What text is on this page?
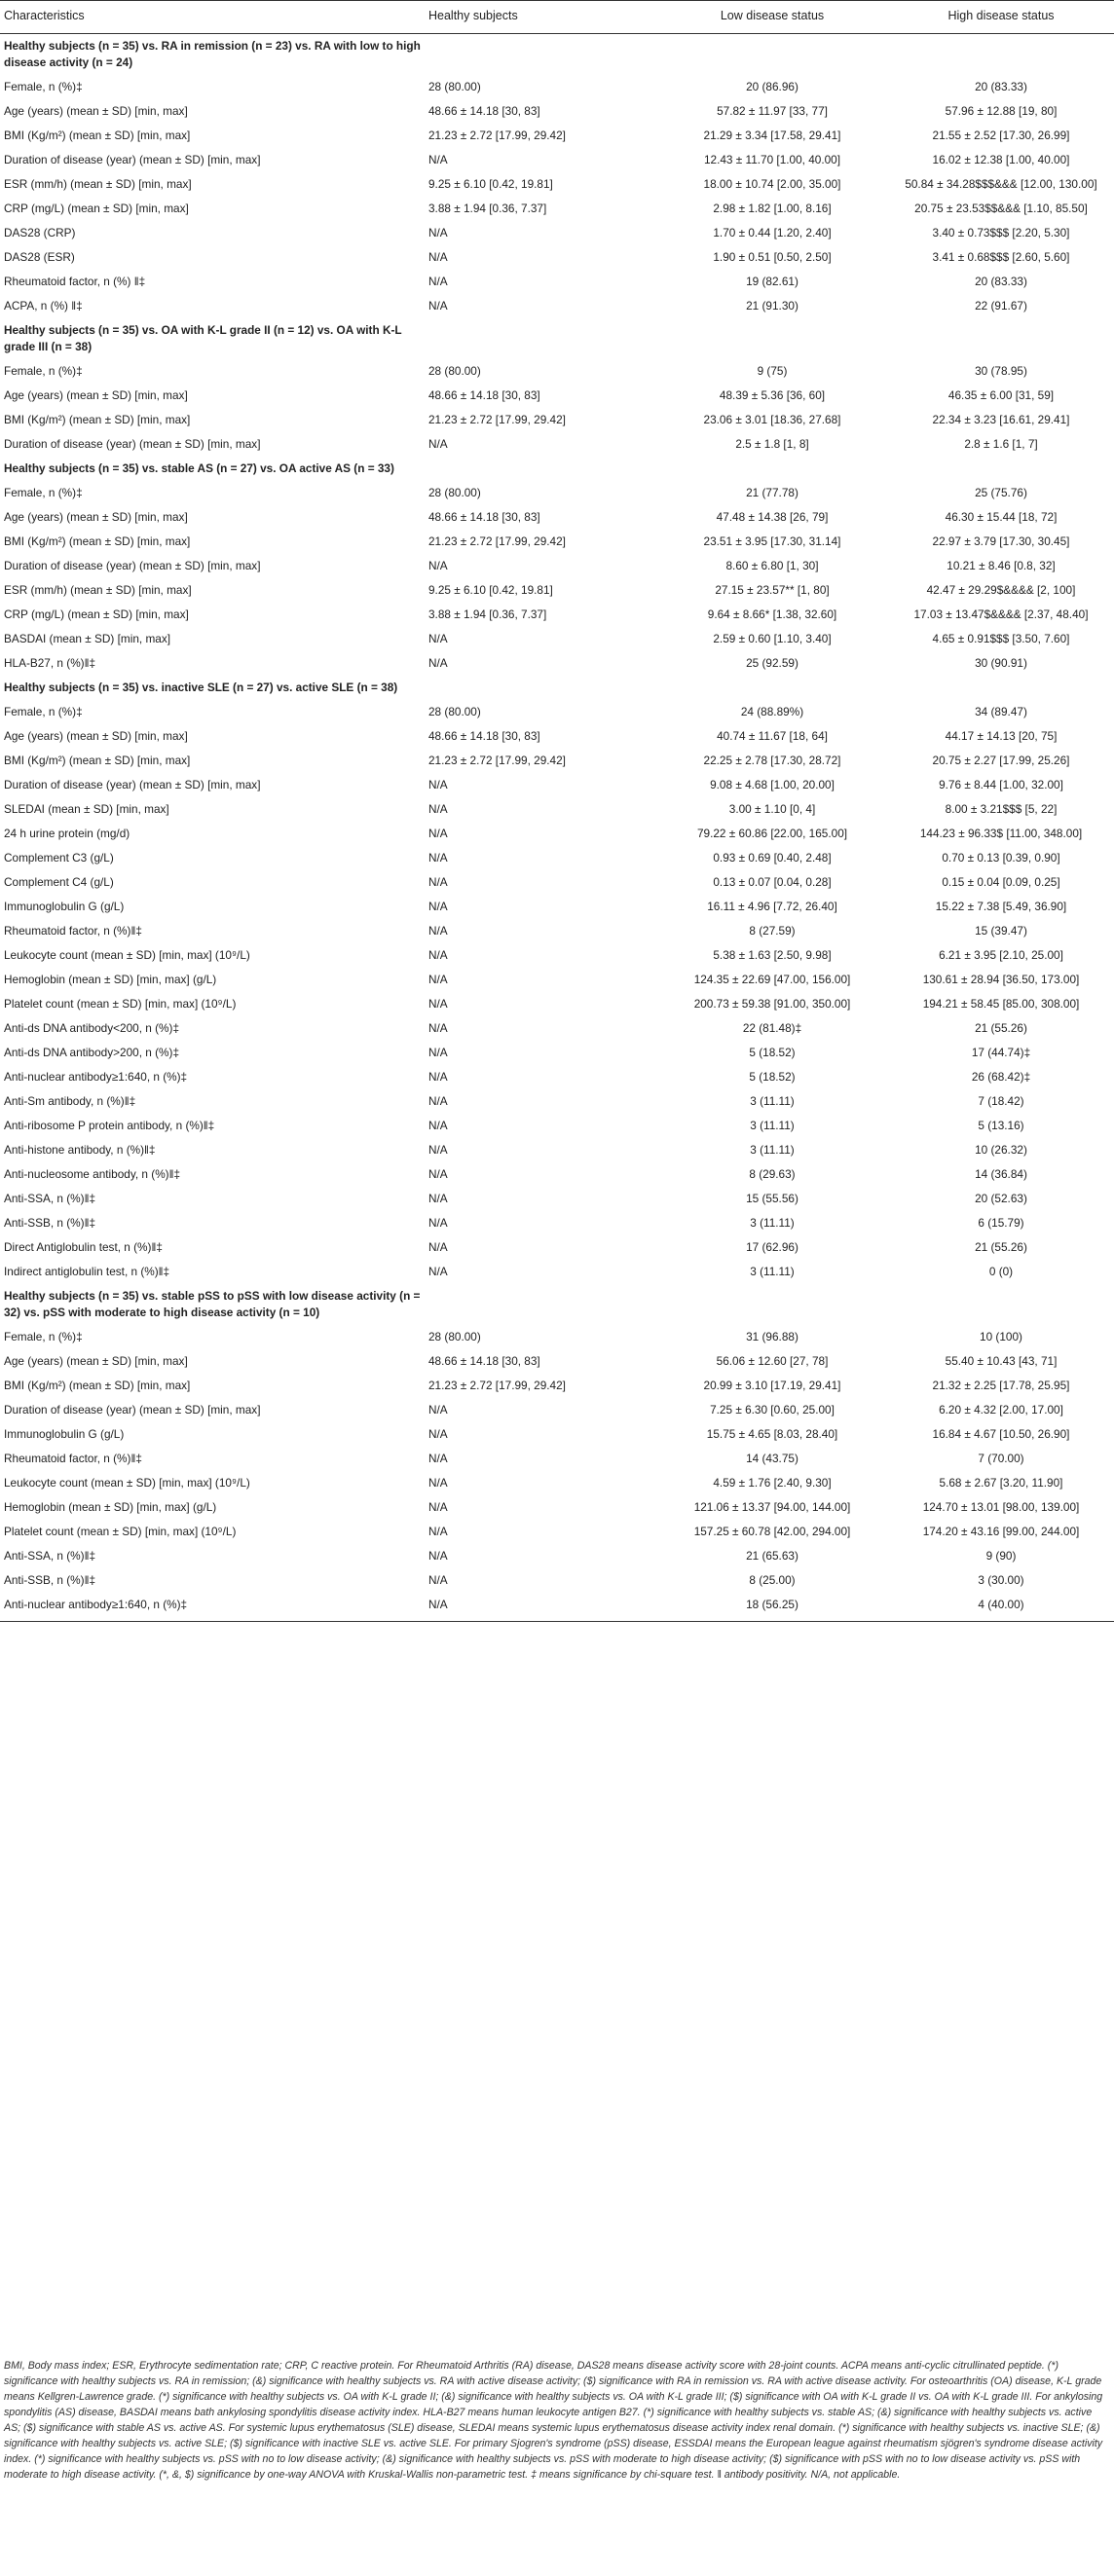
Characteristics	Healthy subjects	Low disease status	High disease status
Healthy subjects (n = 35) vs. RA in remission (n = 23) vs. RA with low to high disease activity (n = 24)			
Female, n (%)‡	28 (80.00)	20 (86.96)	20 (83.33)
Age (years) (mean ± SD) [min, max]	48.66 ± 14.18 [30, 83]	57.82 ± 11.97 [33, 77]	57.96 ± 12.88 [19, 80]
BMI (Kg/m²) (mean ± SD) [min, max]	21.23 ± 2.72 [17.99, 29.42]	21.29 ± 3.34 [17.58, 29.41]	21.55 ± 2.52 [17.30, 26.99]
Duration of disease (year) (mean ± SD) [min, max]	N/A	12.43 ± 11.70 [1.00, 40.00]	16.02 ± 12.38 [1.00, 40.00]
ESR (mm/h) (mean ± SD) [min, max]	9.25 ± 6.10 [0.42, 19.81]	18.00 ± 10.74 [2.00, 35.00]	50.84 ± 34.28$$$&&& [12.00, 130.00]
CRP (mg/L) (mean ± SD) [min, max]	3.88 ± 1.94 [0.36, 7.37]	2.98 ± 1.82 [1.00, 8.16]	20.75 ± 23.53$$&&& [1.10, 85.50]
DAS28 (CRP)	N/A	1.70 ± 0.44 [1.20, 2.40]	3.40 ± 0.73$$$ [2.20, 5.30]
DAS28 (ESR)	N/A	1.90 ± 0.51 [0.50, 2.50]	3.41 ± 0.68$$$ [2.60, 5.60]
Rheumatoid factor, n (%) ǁ‡	N/A	19 (82.61)	20 (83.33)
ACPA, n (%) ǁ‡	N/A	21 (91.30)	22 (91.67)
Healthy subjects (n = 35) vs. OA with K-L grade II (n = 12) vs. OA with K-L grade III (n = 38)			
Female, n (%)‡	28 (80.00)	9 (75)	30 (78.95)
Age (years) (mean ± SD) [min, max]	48.66 ± 14.18 [30, 83]	48.39 ± 5.36 [36, 60]	46.35 ± 6.00 [31, 59]
BMI (Kg/m²) (mean ± SD) [min, max]	21.23 ± 2.72 [17.99, 29.42]	23.06 ± 3.01 [18.36, 27.68]	22.34 ± 3.23 [16.61, 29.41]
Duration of disease (year) (mean ± SD) [min, max]	N/A	2.5 ± 1.8 [1, 8]	2.8 ± 1.6 [1, 7]
Healthy subjects (n = 35) vs. stable AS (n = 27) vs. OA active AS (n = 33)			
Female, n (%)‡	28 (80.00)	21 (77.78)	25 (75.76)
Age (years) (mean ± SD) [min, max]	48.66 ± 14.18 [30, 83]	47.48 ± 14.38 [26, 79]	46.30 ± 15.44 [18, 72]
BMI (Kg/m²) (mean ± SD) [min, max]	21.23 ± 2.72 [17.99, 29.42]	23.51 ± 3.95 [17.30, 31.14]	22.97 ± 3.79 [17.30, 30.45]
Duration of disease (year) (mean ± SD) [min, max]	N/A	8.60 ± 6.80 [1, 30]	10.21 ± 8.46 [0.8, 32]
ESR (mm/h) (mean ± SD) [min, max]	9.25 ± 6.10 [0.42, 19.81]	27.15 ± 23.57** [1, 80]	42.47 ± 29.29$&&&& [2, 100]
CRP (mg/L) (mean ± SD) [min, max]	3.88 ± 1.94 [0.36, 7.37]	9.64 ± 8.66* [1.38, 32.60]	17.03 ± 13.47$&&&& [2.37, 48.40]
BASDAI (mean ± SD) [min, max]	N/A	2.59 ± 0.60 [1.10, 3.40]	4.65 ± 0.91$$$ [3.50, 7.60]
HLA-B27, n (%)ǁ‡	N/A	25 (92.59)	30 (90.91)
Healthy subjects (n = 35) vs. inactive SLE (n = 27) vs. active SLE (n = 38)			
Female, n (%)‡	28 (80.00)	24 (88.89%)	34 (89.47)
Age (years) (mean ± SD) [min, max]	48.66 ± 14.18 [30, 83]	40.74 ± 11.67 [18, 64]	44.17 ± 14.13 [20, 75]
BMI (Kg/m²) (mean ± SD) [min, max]	21.23 ± 2.72 [17.99, 29.42]	22.25 ± 2.78 [17.30, 28.72]	20.75 ± 2.27 [17.99, 25.26]
Duration of disease (year) (mean ± SD) [min, max]	N/A	9.08 ± 4.68 [1.00, 20.00]	9.76 ± 8.44 [1.00, 32.00]
SLEDAI (mean ± SD) [min, max]	N/A	3.00 ± 1.10 [0, 4]	8.00 ± 3.21$$$ [5, 22]
24 h urine protein (mg/d)	N/A	79.22 ± 60.86 [22.00, 165.00]	144.23 ± 96.33$ [11.00, 348.00]
Complement C3 (g/L)	N/A	0.93 ± 0.69 [0.40, 2.48]	0.70 ± 0.13 [0.39, 0.90]
Complement C4 (g/L)	N/A	0.13 ± 0.07 [0.04, 0.28]	0.15 ± 0.04 [0.09, 0.25]
Immunoglobulin G (g/L)	N/A	16.11 ± 4.96 [7.72, 26.40]	15.22 ± 7.38 [5.49, 36.90]
Rheumatoid factor, n (%)ǁ‡	N/A	8 (27.59)	15 (39.47)
Leukocyte count (mean ± SD) [min, max] (10⁹/L)	N/A	5.38 ± 1.63 [2.50, 9.98]	6.21 ± 3.95 [2.10, 25.00]
Hemoglobin (mean ± SD) [min, max] (g/L)	N/A	124.35 ± 22.69 [47.00, 156.00]	130.61 ± 28.94 [36.50, 173.00]
Platelet count (mean ± SD) [min, max] (10⁹/L)	N/A	200.73 ± 59.38 [91.00, 350.00]	194.21 ± 58.45 [85.00, 308.00]
Anti-ds DNA antibody<200, n (%)‡	N/A	22 (81.48)‡	21 (55.26)
Anti-ds DNA antibody>200, n (%)‡	N/A	5 (18.52)	17 (44.74)‡
Anti-nuclear antibody≥1:640, n (%)‡	N/A	5 (18.52)	26 (68.42)‡
Anti-Sm antibody, n (%)ǁ‡	N/A	3 (11.11)	7 (18.42)
Anti-ribosome P protein antibody, n (%)ǁ‡	N/A	3 (11.11)	5 (13.16)
Anti-histone antibody, n (%)ǁ‡	N/A	3 (11.11)	10 (26.32)
Anti-nucleosome antibody, n (%)ǁ‡	N/A	8 (29.63)	14 (36.84)
Anti-SSA, n (%)ǁ‡	N/A	15 (55.56)	20 (52.63)
Anti-SSB, n (%)ǁ‡	N/A	3 (11.11)	6 (15.79)
Direct Antiglobulin test, n (%)ǁ‡	N/A	17 (62.96)	21 (55.26)
Indirect antiglobulin test, n (%)ǁ‡	N/A	3 (11.11)	0 (0)
Healthy subjects (n = 35) vs. stable pSS to pSS with low disease activity (n = 32) vs. pSS with moderate to high disease activity (n = 10)			
Female, n (%)‡	28 (80.00)	31 (96.88)	10 (100)
Age (years) (mean ± SD) [min, max]	48.66 ± 14.18 [30, 83]	56.06 ± 12.60 [27, 78]	55.40 ± 10.43 [43, 71]
BMI (Kg/m²) (mean ± SD) [min, max]	21.23 ± 2.72 [17.99, 29.42]	20.99 ± 3.10 [17.19, 29.41]	21.32 ± 2.25 [17.78, 25.95]
Duration of disease (year) (mean ± SD) [min, max]	N/A	7.25 ± 6.30 [0.60, 25.00]	6.20 ± 4.32 [2.00, 17.00]
Immunoglobulin G (g/L)	N/A	15.75 ± 4.65 [8.03, 28.40]	16.84 ± 4.67 [10.50, 26.90]
Rheumatoid factor, n (%)ǁ‡	N/A	14 (43.75)	7 (70.00)
Leukocyte count (mean ± SD) [min, max] (10⁹/L)	N/A	4.59 ± 1.76 [2.40, 9.30]	5.68 ± 2.67 [3.20, 11.90]
Hemoglobin (mean ± SD) [min, max] (g/L)	N/A	121.06 ± 13.37 [94.00, 144.00]	124.70 ± 13.01 [98.00, 139.00]
Platelet count (mean ± SD) [min, max] (10⁹/L)	N/A	157.25 ± 60.78 [42.00, 294.00]	174.20 ± 43.16 [99.00, 244.00]
Anti-SSA, n (%)ǁ‡	N/A	21 (65.63)	9 (90)
Anti-SSB, n (%)ǁ‡	N/A	8 (25.00)	3 (30.00)
Anti-nuclear antibody≥1:640, n (%)‡	N/A	18 (56.25)	4 (40.00)
BMI, Body mass index; ESR, Erythrocyte sedimentation rate; CRP, C reactive protein. For Rheumatoid Arthritis (RA) disease, DAS28 means disease activity score with 28-joint counts. ACPA means anti-cyclic citrullinated peptide. (*) significance with healthy subjects vs. RA in remission; (&) significance with healthy subjects vs. RA with active disease activity; ($) significance with RA in remission vs. RA with active disease activity. For osteoarthritis (OA) disease, K-L grade means Kellgren-Lawrence grade. (*) significance with healthy subjects vs. OA with K-L grade II; (&) significance with healthy subjects vs. OA with K-L grade III; ($) significance with OA with K-L grade II vs. OA with K-L grade III. For ankylosing spondylitis (AS) disease, BASDAI means bath ankylosing spondylitis disease activity index. HLA-B27 means human leukocyte antigen B27. (*) significance with healthy subjects vs. stable AS; (&) significance with healthy subjects vs. active AS; ($) significance with stable AS vs. active AS. For systemic lupus erythematosus (SLE) disease, SLEDAI means systemic lupus erythematosus disease activity index renal domain. (*) significance with healthy subjects vs. inactive SLE; (&) significance with healthy subjects vs. active SLE; ($) significance with inactive SLE vs. active SLE. For primary Sjogren's syndrome (pSS) disease, ESSDAI means the European league against rheumatism sjögren's syndrome disease activity index. (*) significance with healthy subjects vs. pSS with no to low disease activity; (&) significance with healthy subjects vs. pSS with moderate to high disease activity; ($) significance with pSS with no to low disease activity vs. pSS with moderate to high disease activity. (*, &, $) significance by one-way ANOVA with Kruskal-Wallis non-parametric test. ‡ means significance by chi-square test. ǁ antibody positivity. N/A, not applicable.
